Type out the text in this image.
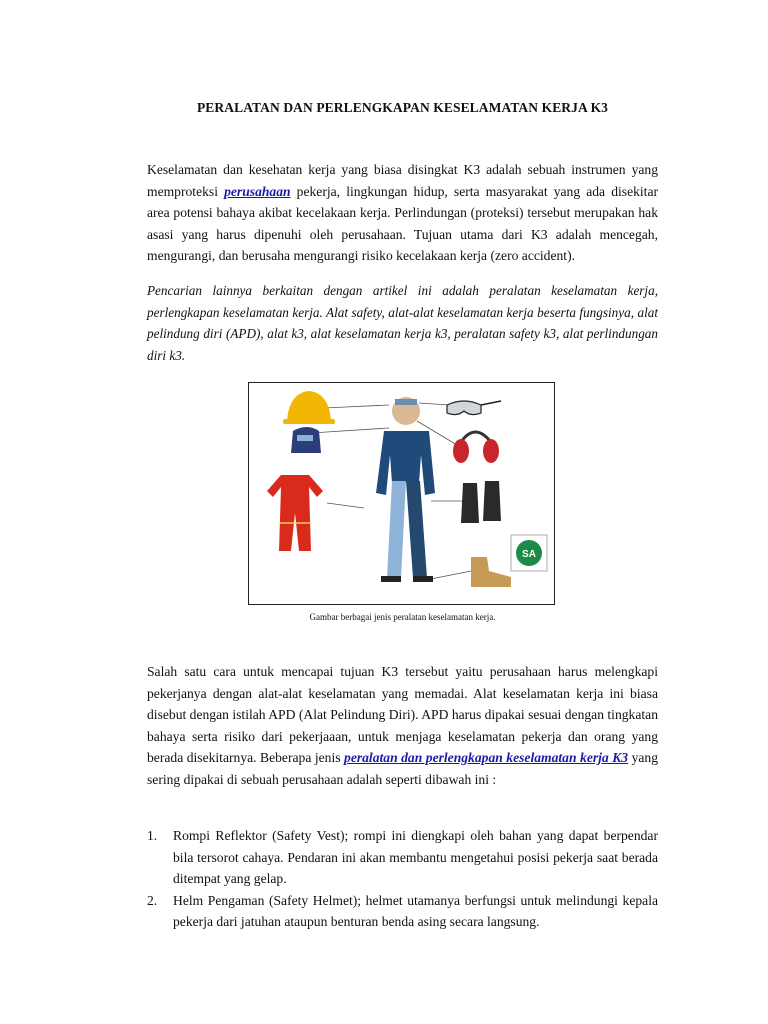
PERALATAN DAN PERLENGKAPAN KESELAMATAN KERJA K3

Keselamatan dan kesehatan kerja yang biasa disingkat K3 adalah sebuah instrumen yang memproteksi perusahaan pekerja, lingkungan hidup, serta masyarakat yang ada disekitar area potensi bahaya akibat kecelakaan kerja. Perlindungan (proteksi) tersebut merupakan hak asasi yang harus dipenuhi oleh perusahaan. Tujuan utama dari K3 adalah mencegah, mengurangi, dan berusaha mengurangi risiko kecelakaan kerja (zero accident).

Pencarian lainnya berkaitan dengan artikel ini adalah peralatan keselamatan kerja, perlengkapan keselamatan kerja. Alat safety, alat-alat keselamatan kerja beserta fungsinya, alat pelindung diri (APD), alat k3, alat keselamatan kerja k3, peralatan safety k3, alat perlindungan diri k3.

SA
Gambar berbagai jenis peralatan keselamatan kerja.

Salah satu cara untuk mencapai tujuan K3 tersebut yaitu perusahaan harus melengkapi pekerjanya dengan alat-alat keselamatan yang memadai. Alat keselamatan kerja ini biasa disebut dengan istilah APD (Alat Pelindung Diri). APD harus dipakai sesuai dengan tingkatan bahaya serta risiko dari pekerjaaan, untuk menjaga keselamatan pekerja dan orang yang berada disekitarnya. Beberapa jenis peralatan dan perlengkapan keselamatan kerja K3 yang sering dipakai di sebuah perusahaan adalah seperti dibawah ini :

1. Rompi Reflektor (Safety Vest); rompi ini diengkapi oleh bahan yang dapat berpendar bila tersorot cahaya. Pendaran ini akan membantu mengetahui posisi pekerja saat berada ditempat yang gelap.
2. Helm Pengaman (Safety Helmet); helmet utamanya berfungsi untuk melindungi kepala pekerja dari jatuhan ataupun benturan benda asing secara langsung.
